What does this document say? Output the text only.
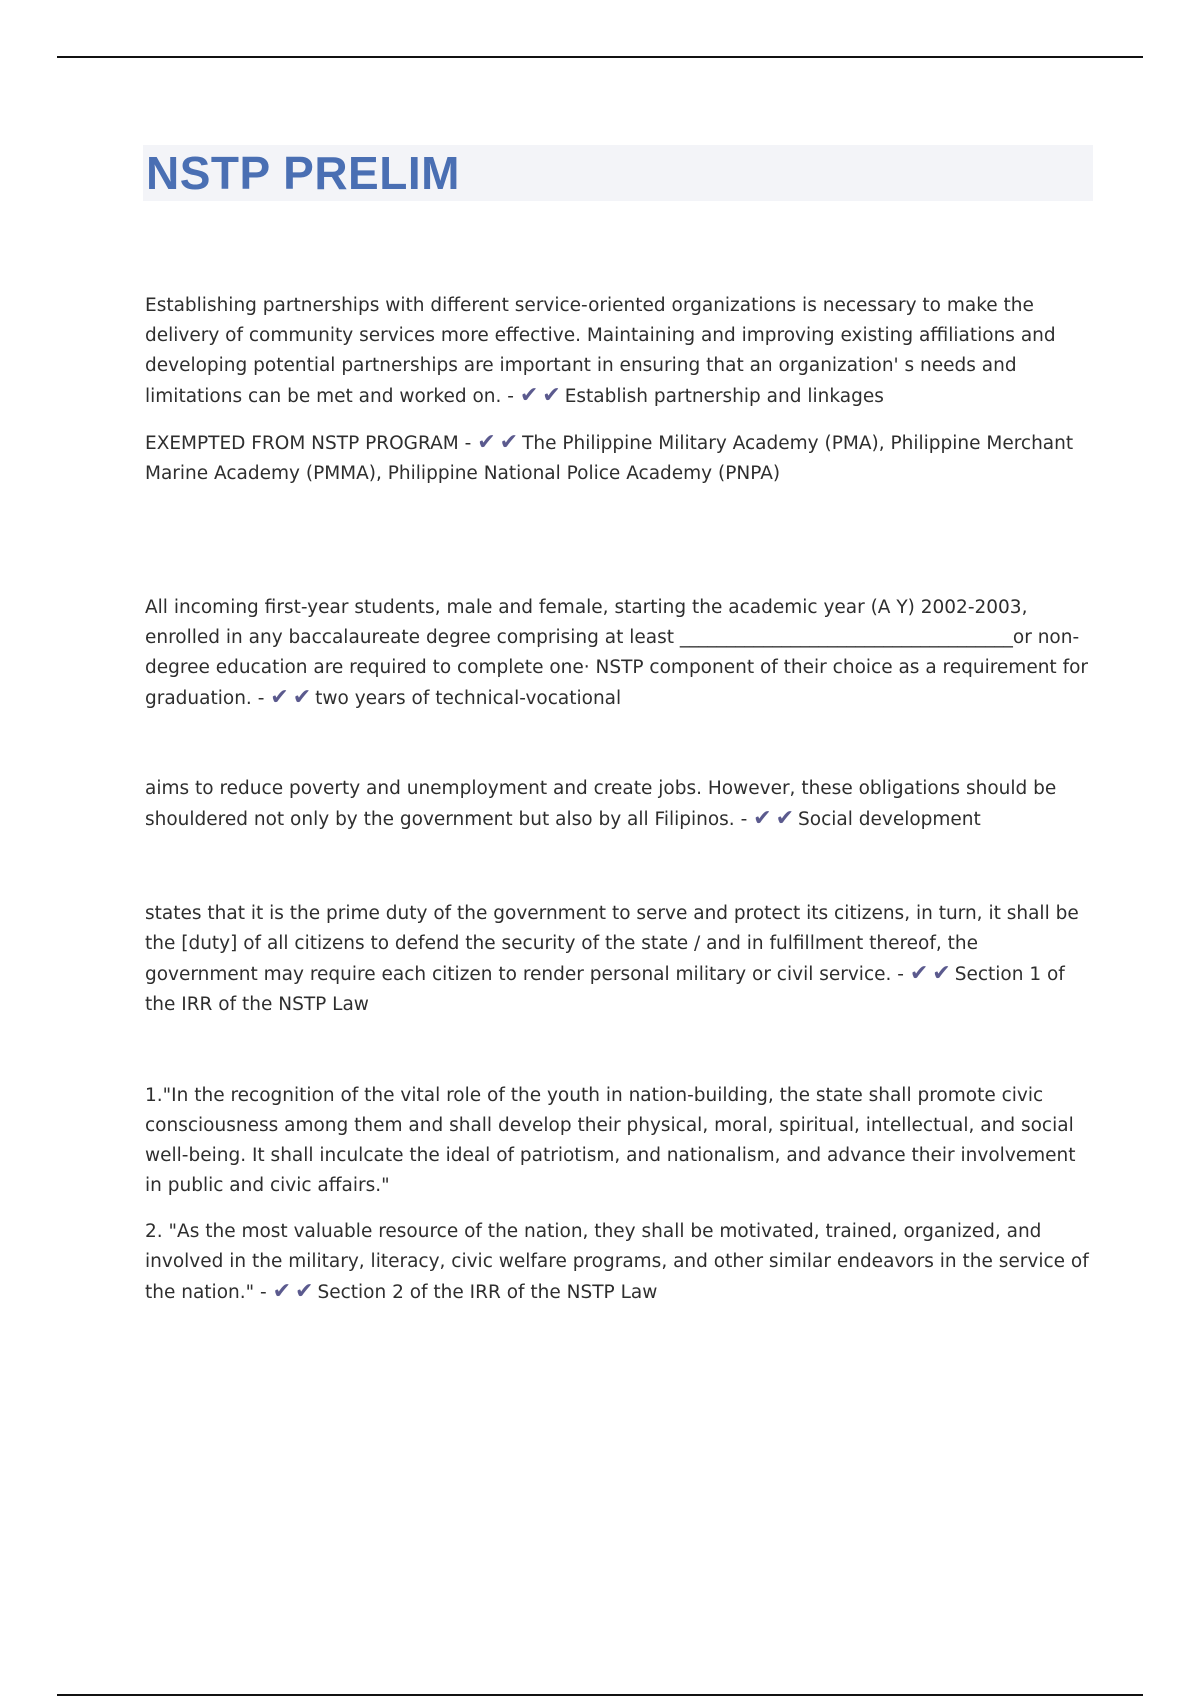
NSTP PRELIM

Establishing partnerships with different service-oriented organizations is necessary to make the delivery of community services more effective. Maintaining and improving existing affiliations and developing potential partnerships are important in ensuring that an organization' s needs and limitations can be met and worked on. - ✔ ✔ Establish partnership and linkages

EXEMPTED FROM NSTP PROGRAM - ✔ ✔ The Philippine Military Academy (PMA), Philippine Merchant Marine Academy (PMMA), Philippine National Police Academy (PNPA)

All incoming first-year students, male and female, starting the academic year (A Y) 2002-2003, enrolled in any baccalaureate degree comprising at least ____________________________________or non-degree education are required to complete one· NSTP component of their choice as a requirement for graduation. - ✔ ✔ two years of technical-vocational

aims to reduce poverty and unemployment and create jobs. However, these obligations should be shouldered not only by the government but also by all Filipinos. - ✔ ✔ Social development

states that it is the prime duty of the government to serve and protect its citizens, in turn, it shall be the [duty] of all citizens to defend the security of the state / and in fulfillment thereof, the government may require each citizen to render personal military or civil service. - ✔ ✔ Section 1 of the IRR of the NSTP Law

1."In the recognition of the vital role of the youth in nation-building, the state shall promote civic consciousness among them and shall develop their physical, moral, spiritual, intellectual, and social well-being. It shall inculcate the ideal of patriotism, and nationalism, and advance their involvement in public and civic affairs."

2. "As the most valuable resource of the nation, they shall be motivated, trained, organized, and involved in the military, literacy, civic welfare programs, and other similar endeavors in the service of the nation." - ✔ ✔ Section 2 of the IRR of the NSTP Law
